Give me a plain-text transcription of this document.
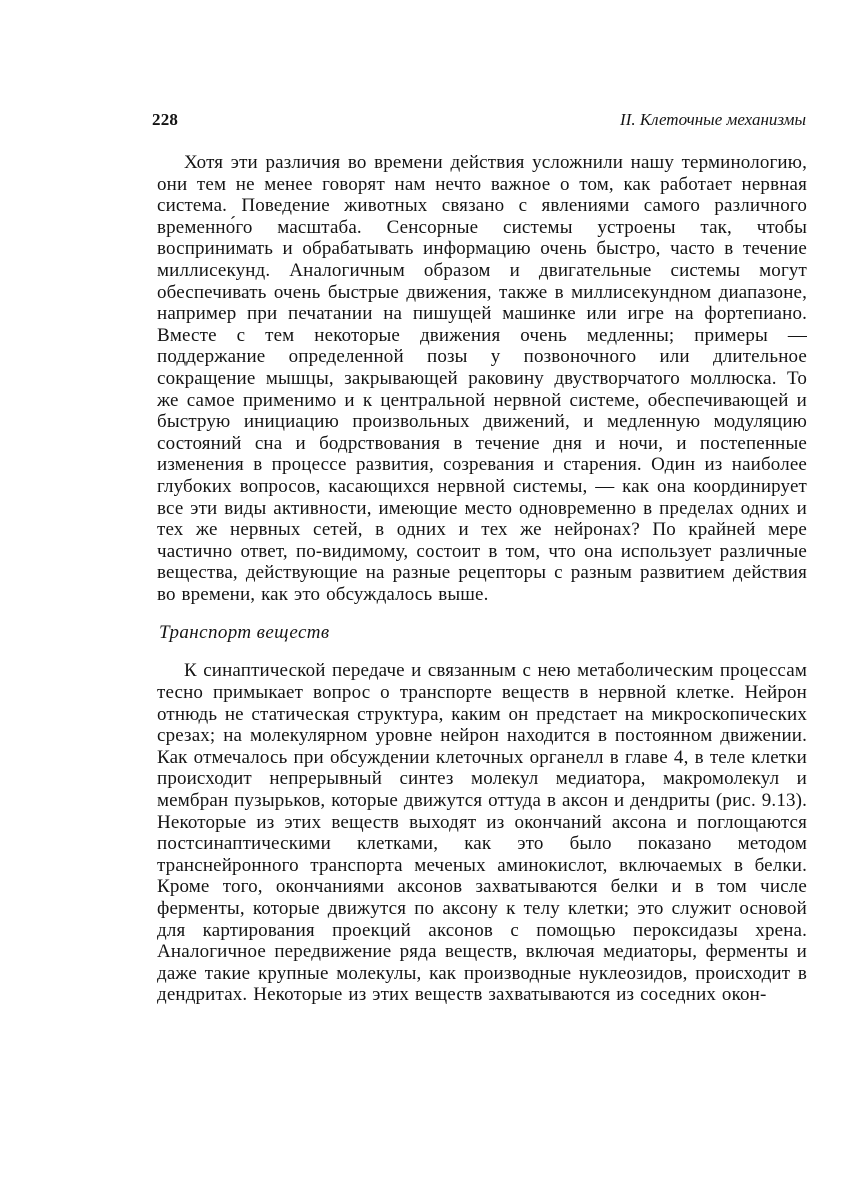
228	II. Клеточные механизмы

Хотя эти различия во времени действия усложнили нашу терминологию, они тем не менее говорят нам нечто важное о том, как работает нервная система. Поведение животных связано с явлениями самого различного временно́го масштаба. Сенсорные системы устроены так, чтобы воспринимать и обрабатывать информацию очень быстро, часто в течение миллисекунд. Аналогичным образом и двигательные системы могут обеспечивать очень быстрые движения, также в миллисекундном диапазоне, например при печатании на пишущей машинке или игре на фортепиано. Вместе с тем некоторые движения очень медленны; примеры — поддержание определенной позы у позвоночного или длительное сокращение мышцы, закрывающей раковину двустворчатого моллюска. То же самое применимо и к центральной нервной системе, обеспечивающей и быструю инициацию произвольных движений, и медленную модуляцию состояний сна и бодрствования в течение дня и ночи, и постепенные изменения в процессе развития, созревания и старения. Один из наиболее глубоких вопросов, касающихся нервной системы, — как она координирует все эти виды активности, имеющие место одновременно в пределах одних и тех же нервных сетей, в одних и тех же нейронах? По крайней мере частично ответ, по-видимому, состоит в том, что она использует различные вещества, действующие на разные рецепторы с разным развитием действия во времени, как это обсуждалось выше.

Транспорт веществ

К синаптической передаче и связанным с нею метаболическим процессам тесно примыкает вопрос о транспорте веществ в нервной клетке. Нейрон отнюдь не статическая структура, каким он предстает на микроскопических срезах; на молекулярном уровне нейрон находится в постоянном движении. Как отмечалось при обсуждении клеточных органелл в главе 4, в теле клетки происходит непрерывный синтез молекул медиатора, макромолекул и мембран пузырьков, которые движутся оттуда в аксон и дендриты (рис. 9.13). Некоторые из этих веществ выходят из окончаний аксона и поглощаются постсинаптическими клетками, как это было показано методом транснейронного транспорта меченых аминокислот, включаемых в белки. Кроме того, окончаниями аксонов захватываются белки и в том числе ферменты, которые движутся по аксону к телу клетки; это служит основой для картирования проекций аксонов с помощью пероксидазы хрена. Аналогичное передвижение ряда веществ, включая медиаторы, ферменты и даже такие крупные молекулы, как производные нуклеозидов, происходит в дендритах. Некоторые из этих веществ захватываются из соседних окон-
